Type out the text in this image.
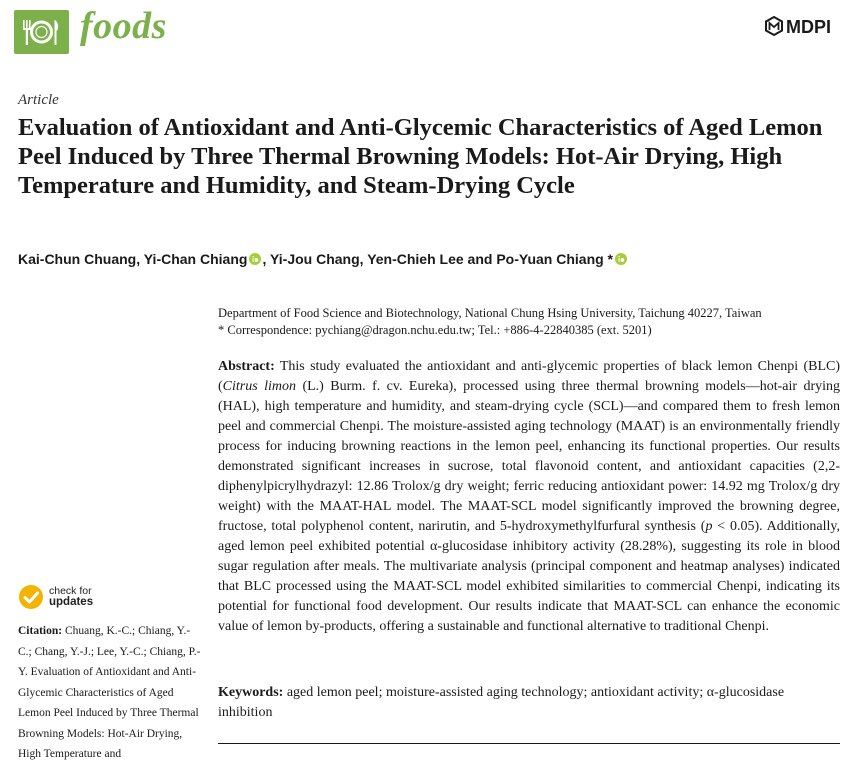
foods	MDPI
Article
Evaluation of Antioxidant and Anti-Glycemic Characteristics of Aged Lemon Peel Induced by Three Thermal Browning Models: Hot-Air Drying, High Temperature and Humidity, and Steam-Drying Cycle
Kai-Chun Chuang, Yi-Chan Chiang , Yi-Jou Chang, Yen-Chieh Lee and Po-Yuan Chiang *
Department of Food Science and Biotechnology, National Chung Hsing University, Taichung 40227, Taiwan
* Correspondence: pychiang@dragon.nchu.edu.tw; Tel.: +886-4-22840385 (ext. 5201)

Abstract: This study evaluated the antioxidant and anti-glycemic properties of black lemon Chenpi (BLC) (Citrus limon (L.) Burm. f. cv. Eureka), processed using three thermal browning models—hot-air drying (HAL), high temperature and humidity, and steam-drying cycle (SCL)—and compared them to fresh lemon peel and commercial Chenpi. The moisture-assisted aging technology (MAAT) is an environmentally friendly process for inducing browning reactions in the lemon peel, enhancing its functional properties. Our results demonstrated significant increases in sucrose, total flavonoid content, and antioxidant capacities (2,2-diphenylpicrylhydrazyl: 12.86 Trolox/g dry weight; ferric reducing antioxidant power: 14.92 mg Trolox/g dry weight) with the MAAT-HAL model. The MAAT-SCL model significantly improved the browning degree, fructose, total polyphenol content, narirutin, and 5-hydroxymethylfurfural synthesis (p < 0.05). Additionally, aged lemon peel exhibited potential α-glucosidase inhibitory activity (28.28%), suggesting its role in blood sugar regulation after meals. The multivariate analysis (principal component and heatmap analyses) indicated that BLC processed using the MAAT-SCL model exhibited similarities to commercial Chenpi, indicating its potential for functional food development. Our results indicate that MAAT-SCL can enhance the economic value of lemon by-products, offering a sustainable and functional alternative to traditional Chenpi.

Keywords: aged lemon peel; moisture-assisted aging technology; antioxidant activity; α-glucosidase inhibition

check for
updates

Citation: Chuang, K.-C.; Chiang, Y.-C.; Chang, Y.-J.; Lee, Y.-C.; Chiang, P.-Y. Evaluation of Antioxidant and Anti-Glycemic Characteristics of Aged Lemon Peel Induced by Three Thermal Browning Models: Hot-Air Drying, High Temperature and
